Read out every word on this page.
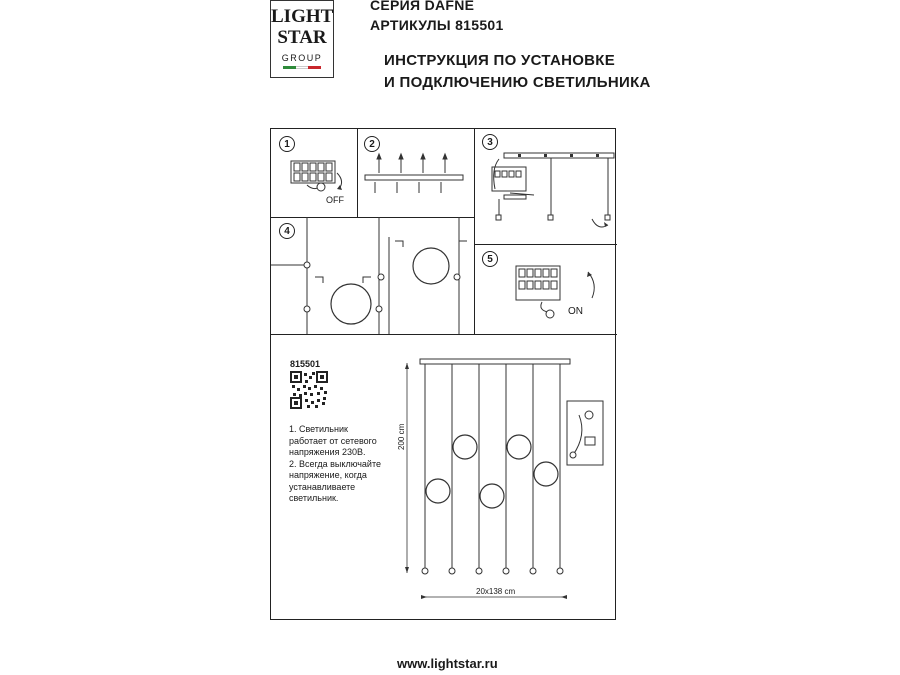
LIGHT
STAR
GROUP
СЕРИЯ DAFNE
АРТИКУЛЫ 815501
ИНСТРУКЦИЯ ПО УСТАНОВКЕ
И ПОДКЛЮЧЕНИЮ СВЕТИЛЬНИКА
1	2	3
4
5
OFF
ON
815501
1. Светильник
работает от сетевого
напряжения 230В.
2. Всегда выключайте
напряжение, когда
устанавливаете
светильник.
200 cm
20x138 cm
www.lightstar.ru
